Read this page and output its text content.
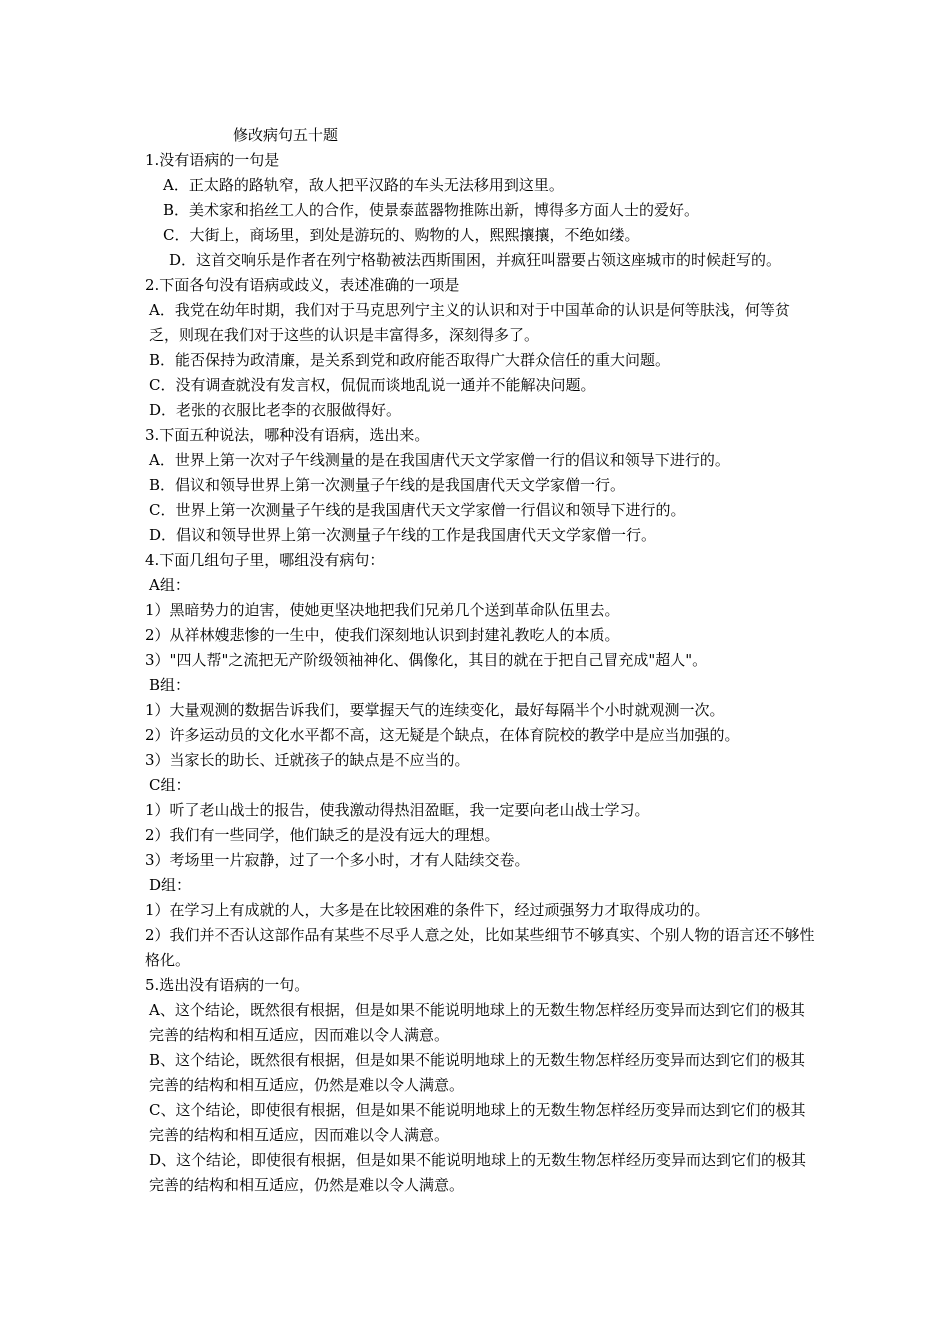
修改病句五十题
1.没有语病的一句是
A．正太路的路轨窄，敌人把平汉路的车头无法移用到这里。
B．美术家和掐丝工人的合作，使景泰蓝器物推陈出新，博得多方面人士的爱好。
C．大街上，商场里，到处是游玩的、购物的人，熙熙攘攘，不绝如缕。
D．这首交响乐是作者在列宁格勒被法西斯围困，并疯狂叫嚣要占领这座城市的时候赶写的。
2.下面各句没有语病或歧义，表述准确的一项是
A．我党在幼年时期，我们对于马克思列宁主义的认识和对于中国革命的认识是何等肤浅，何等贫乏，则现在我们对于这些的认识是丰富得多，深刻得多了。
B．能否保持为政清廉，是关系到党和政府能否取得广大群众信任的重大问题。
C．没有调查就没有发言权，侃侃而谈地乱说一通并不能解决问题。
D．老张的衣服比老李的衣服做得好。
3.下面五种说法，哪种没有语病，选出来。
A．世界上第一次对子午线测量的是在我国唐代天文学家僧一行的倡议和领导下进行的。
B．倡议和领导世界上第一次测量子午线的是我国唐代天文学家僧一行。
C．世界上第一次测量子午线的是我国唐代天文学家僧一行倡议和领导下进行的。
D．倡议和领导世界上第一次测量子午线的工作是我国唐代天文学家僧一行。
4.下面几组句子里，哪组没有病句：
A组：
1）黑暗势力的迫害，使她更坚决地把我们兄弟几个送到革命队伍里去。
2）从祥林嫂悲惨的一生中，使我们深刻地认识到封建礼教吃人的本质。
3）"四人帮"之流把无产阶级领袖神化、偶像化，其目的就在于把自己冒充成"超人"。
B组：
1）大量观测的数据告诉我们，要掌握天气的连续变化，最好每隔半个小时就观测一次。
2）许多运动员的文化水平都不高，这无疑是个缺点，在体育院校的教学中是应当加强的。
3）当家长的助长、迁就孩子的缺点是不应当的。
C组：
1）听了老山战士的报告，使我激动得热泪盈眶，我一定要向老山战士学习。
2）我们有一些同学，他们缺乏的是没有远大的理想。
3）考场里一片寂静，过了一个多小时，才有人陆续交卷。
D组：
1）在学习上有成就的人，大多是在比较困难的条件下，经过顽强努力才取得成功的。
2）我们并不否认这部作品有某些不尽乎人意之处，比如某些细节不够真实、个别人物的语言还不够性格化。
5.选出没有语病的一句。
A、这个结论，既然很有根据，但是如果不能说明地球上的无数生物怎样经历变异而达到它们的极其完善的结构和相互适应，因而难以令人满意。
B、这个结论，既然很有根据，但是如果不能说明地球上的无数生物怎样经历变异而达到它们的极其完善的结构和相互适应，仍然是难以令人满意。
C、这个结论，即使很有根据，但是如果不能说明地球上的无数生物怎样经历变异而达到它们的极其完善的结构和相互适应，因而难以令人满意。
D、这个结论，即使很有根据，但是如果不能说明地球上的无数生物怎样经历变异而达到它们的极其完善的结构和相互适应，仍然是难以令人满意。
